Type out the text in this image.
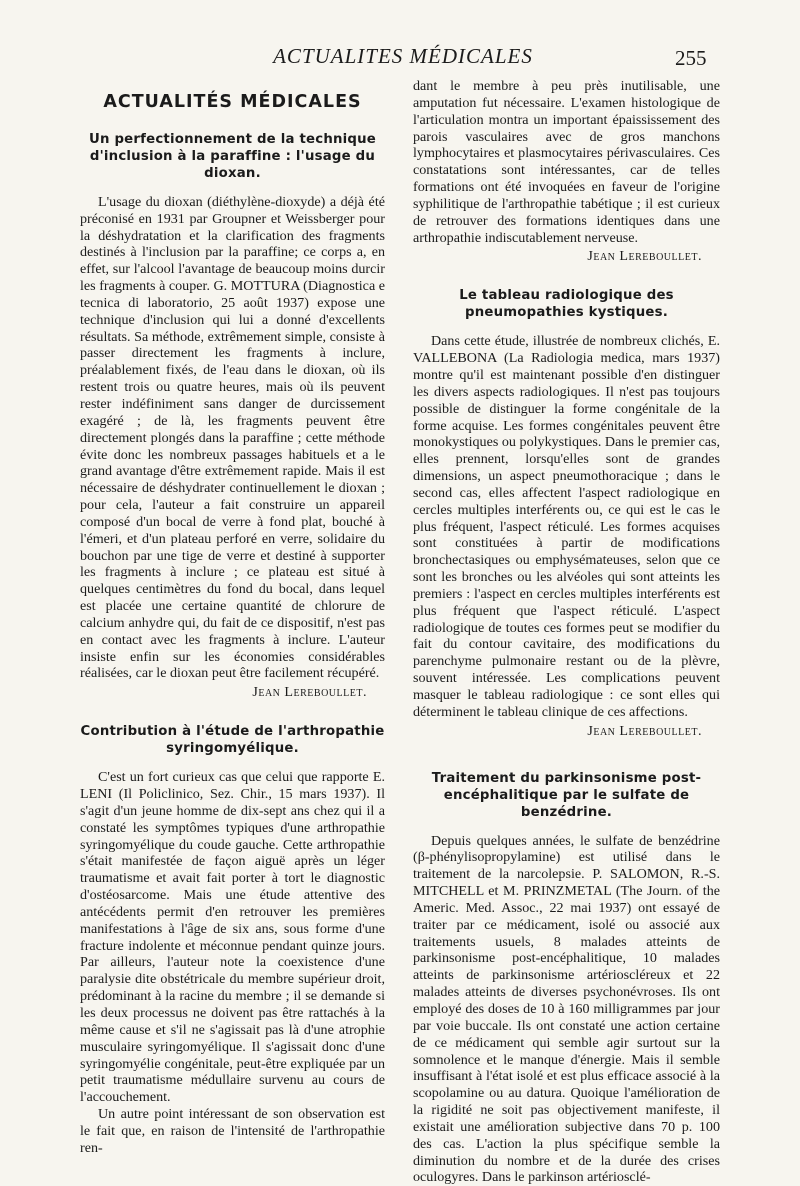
ACTUALITES MÉDICALES	255
ACTUALITÉS MÉDICALES
Un perfectionnement de la technique d'inclusion à la paraffine : l'usage du dioxan.

L'usage du dioxan (diéthylène-dioxyde) a déjà été préconisé en 1931 par Groupner et Weissberger pour la déshydratation et la clarification des fragments destinés à l'inclusion par la paraffine; ce corps a, en effet, sur l'alcool l'avantage de beaucoup moins durcir les fragments à couper. G. MOTTURA (Diagnostica e tecnica di laboratorio, 25 août 1937) expose une technique d'inclusion qui lui a donné d'excellents résultats. Sa méthode, extrêmement simple, consiste à passer directement les fragments à inclure, préalablement fixés, de l'eau dans le dioxan, où ils restent trois ou quatre heures, mais où ils peuvent rester indéfiniment sans danger de durcissement exagéré ; de là, les fragments peuvent être directement plongés dans la paraffine ; cette méthode évite donc les nombreux passages habituels et a le grand avantage d'être extrêmement rapide. Mais il est nécessaire de déshydrater continuellement le dioxan ; pour cela, l'auteur a fait construire un appareil composé d'un bocal de verre à fond plat, bouché à l'émeri, et d'un plateau perforé en verre, solidaire du bouchon par une tige de verre et destiné à supporter les fragments à inclure ; ce plateau est situé à quelques centimètres du fond du bocal, dans lequel est placée une certaine quantité de chlorure de calcium anhydre qui, du fait de ce dispositif, n'est pas en contact avec les fragments à inclure. L'auteur insiste enfin sur les économies considérables réalisées, car le dioxan peut être facilement récupéré.

Jean Lereboullet.
Contribution à l'étude de l'arthropathie syringomyélique.

C'est un fort curieux cas que celui que rapporte E. LENI (Il Policlinico, Sez. Chir., 15 mars 1937). Il s'agit d'un jeune homme de dix-sept ans chez qui il a constaté les symptômes typiques d'une arthropathie syringomyélique du coude gauche. Cette arthropathie s'était manifestée de façon aiguë après un léger traumatisme et avait fait porter à tort le diagnostic d'ostéosarcome. Mais une étude attentive des antécédents permit d'en retrouver les premières manifestations à l'âge de six ans, sous forme d'une fracture indolente et méconnue pendant quinze jours. Par ailleurs, l'auteur note la coexistence d'une paralysie dite obstétricale du membre supérieur droit, prédominant à la racine du membre ; il se demande si les deux processus ne doivent pas être rattachés à la même cause et s'il ne s'agissait pas là d'une atrophie musculaire syringomyélique. Il s'agissait donc d'une syringomyélie congénitale, peut-être expliquée par un petit traumatisme médullaire survenu au cours de l'accouchement.

Un autre point intéressant de son observation est le fait que, en raison de l'intensité de l'arthropathie ren-

dant le membre à peu près inutilisable, une amputation fut nécessaire. L'examen histologique de l'articulation montra un important épaississement des parois vasculaires avec de gros manchons lymphocytaires et plasmocytaires périvasculaires. Ces constatations sont intéressantes, car de telles formations ont été invoquées en faveur de l'origine syphilitique de l'arthropathie tabétique ; il est curieux de retrouver des formations identiques dans une arthropathie indiscutablement nerveuse.

Jean Lereboullet.
Le tableau radiologique des pneumopathies kystiques.

Dans cette étude, illustrée de nombreux clichés, E. VALLEBONA (La Radiologia medica, mars 1937) montre qu'il est maintenant possible d'en distinguer les divers aspects radiologiques. Il n'est pas toujours possible de distinguer la forme congénitale de la forme acquise. Les formes congénitales peuvent être monokystiques ou polykystiques. Dans le premier cas, elles prennent, lorsqu'elles sont de grandes dimensions, un aspect pneumothoracique ; dans le second cas, elles affectent l'aspect radiologique en cercles multiples interférents ou, ce qui est le cas le plus fréquent, l'aspect réticulé. Les formes acquises sont constituées à partir de modifications bronchectasiques ou emphysémateuses, selon que ce sont les bronches ou les alvéoles qui sont atteints les premiers : l'aspect en cercles multiples interférents est plus fréquent que l'aspect réticulé. L'aspect radiologique de toutes ces formes peut se modifier du fait du contour cavitaire, des modifications du parenchyme pulmonaire restant ou de la plèvre, souvent intéressée. Les complications peuvent masquer le tableau radiologique : ce sont elles qui déterminent le tableau clinique de ces affections.

Jean Lereboullet.
Traitement du parkinsonisme post-encéphalitique par le sulfate de benzédrine.

Depuis quelques années, le sulfate de benzédrine (β-phénylisopropylamine) est utilisé dans le traitement de la narcolepsie. P. SALOMON, R.-S. MITCHELL et M. PRINZMETAL (The Journ. of the Americ. Med. Assoc., 22 mai 1937) ont essayé de traiter par ce médicament, isolé ou associé aux traitements usuels, 8 malades atteints de parkinsonisme post-encéphalitique, 10 malades atteints de parkinsonisme artérioscléreux et 22 malades atteints de diverses psychonévroses. Ils ont employé des doses de 10 à 160 milligrammes par jour par voie buccale. Ils ont constaté une action certaine de ce médicament qui semble agir surtout sur la somnolence et le manque d'énergie. Mais il semble insuffisant à l'état isolé et est plus efficace associé à la scopolamine ou au datura. Quoique l'amélioration de la rigidité ne soit pas objectivement manifeste, il existait une amélioration subjective dans 70 p. 100 des cas. L'action la plus spécifique semble la diminution du nombre et de la durée des crises oculogyres. Dans le parkinson artériosclé-
